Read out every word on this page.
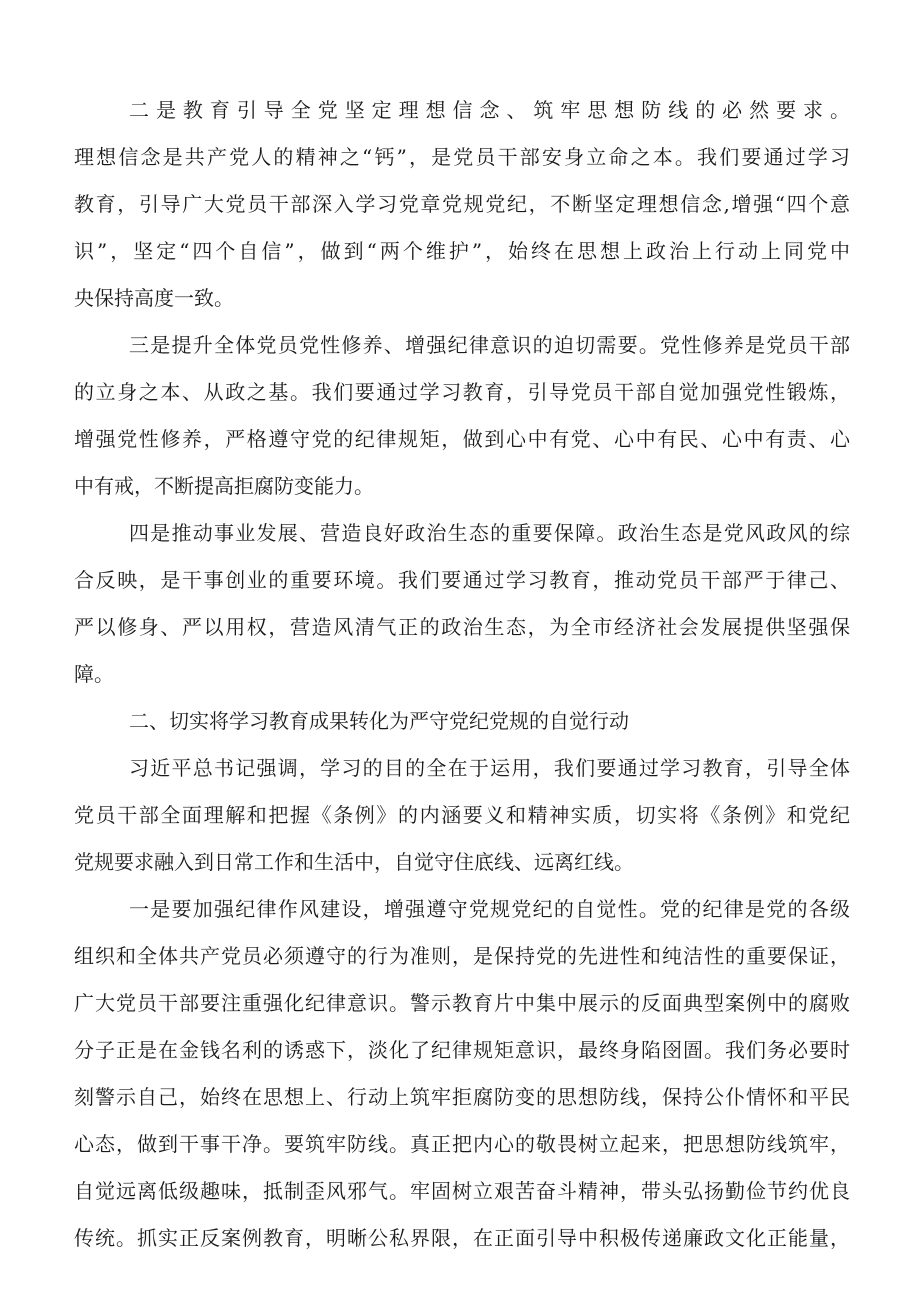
二是教育引导全党坚定理想信念、筑牢思想防线的必然要求。
理想信念是共产党人的精神之“钙”，是党员干部安身立命之本。我们要通过学习
教育，引导广大党员干部深入学习党章党规党纪，不断坚定理想信念,增强“四个意
识”，坚定“四个自信”，做到“两个维护”，始终在思想上政治上行动上同党中
央保持高度一致。
三是提升全体党员党性修养、增强纪律意识的迫切需要。党性修养是党员干部
的立身之本、从政之基。我们要通过学习教育，引导党员干部自觉加强党性锻炼，
增强党性修养，严格遵守党的纪律规矩，做到心中有党、心中有民、心中有责、心
中有戒，不断提高拒腐防变能力。
四是推动事业发展、营造良好政治生态的重要保障。政治生态是党风政风的综
合反映，是干事创业的重要环境。我们要通过学习教育，推动党员干部严于律己、
严以修身、严以用权，营造风清气正的政治生态，为全市经济社会发展提供坚强保
障。
二、切实将学习教育成果转化为严守党纪党规的自觉行动
习近平总书记强调，学习的目的全在于运用，我们要通过学习教育，引导全体
党员干部全面理解和把握《条例》的内涵要义和精神实质，切实将《条例》和党纪
党规要求融入到日常工作和生活中，自觉守住底线、远离红线。
一是要加强纪律作风建设，增强遵守党规党纪的自觉性。党的纪律是党的各级
组织和全体共产党员必须遵守的行为准则，是保持党的先进性和纯洁性的重要保证，
广大党员干部要注重强化纪律意识。警示教育片中集中展示的反面典型案例中的腐败
分子正是在金钱名利的诱惑下，淡化了纪律规矩意识，最终身陷囹圄。我们务必要时
刻警示自己，始终在思想上、行动上筑牢拒腐防变的思想防线，保持公仆情怀和平民
心态，做到干事干净。要筑牢防线。真正把内心的敬畏树立起来，把思想防线筑牢，
自觉远离低级趣味，抵制歪风邪气。牢固树立艰苦奋斗精神，带头弘扬勤俭节约优良
传统。抓实正反案例教育，明晰公私界限，在正面引导中积极传递廉政文化正能量，
